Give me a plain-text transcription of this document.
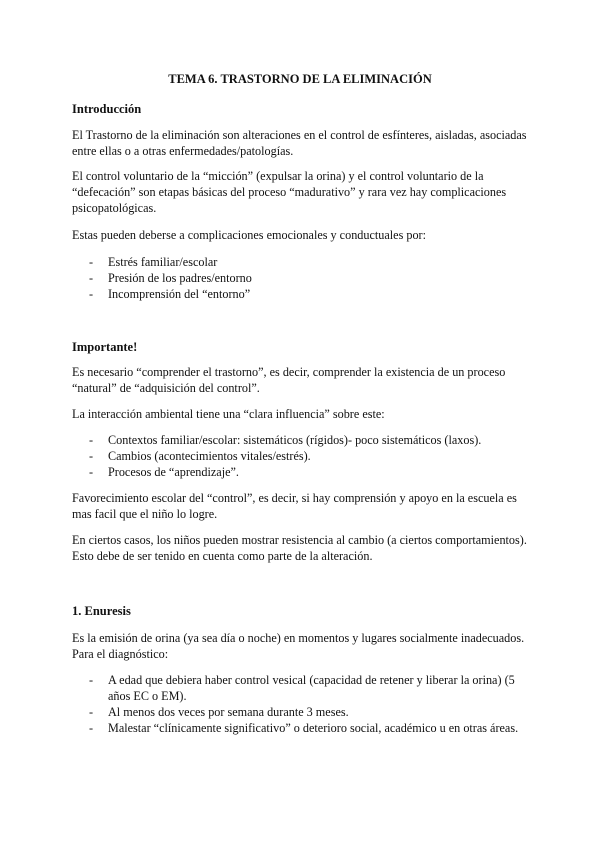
TEMA 6. TRASTORNO DE LA ELIMINACIÓN
Introducción

El Trastorno de la eliminación son alteraciones en el control de esfínteres, aisladas, asociadas entre ellas o a otras enfermedades/patologías.

El control voluntario de la “micción” (expulsar la orina) y el control voluntario de la “defecación” son etapas básicas del proceso “madurativo” y rara vez hay complicaciones psicopatológicas.

Estas pueden deberse a complicaciones emocionales y conductuales por:

- Estrés familiar/escolar
- Presión de los padres/entorno
- Incomprensión del “entorno”
Importante!

Es necesario “comprender el trastorno”, es decir, comprender la existencia de un proceso “natural” de “adquisición del control”.

La interacción ambiental tiene una “clara influencia” sobre este:

- Contextos familiar/escolar: sistemáticos (rígidos)- poco sistemáticos (laxos).
- Cambios (acontecimientos vitales/estrés).
- Procesos de “aprendizaje”.

Favorecimiento escolar del “control”, es decir, si hay comprensión y apoyo en la escuela es mas facil que el niño lo logre.

En ciertos casos, los niños pueden mostrar resistencia al cambio (a ciertos comportamientos). Esto debe de ser tenido en cuenta como parte de la alteración.

1. Enuresis

Es la emisión de orina (ya sea día o noche) en momentos y lugares socialmente inadecuados. Para el diagnóstico:

- A edad que debiera haber control vesical (capacidad de retener y liberar la orina) (5 años EC o EM).
- Al menos dos veces por semana durante 3 meses.
- Malestar “clínicamente significativo” o deterioro social, académico u en otras áreas.
